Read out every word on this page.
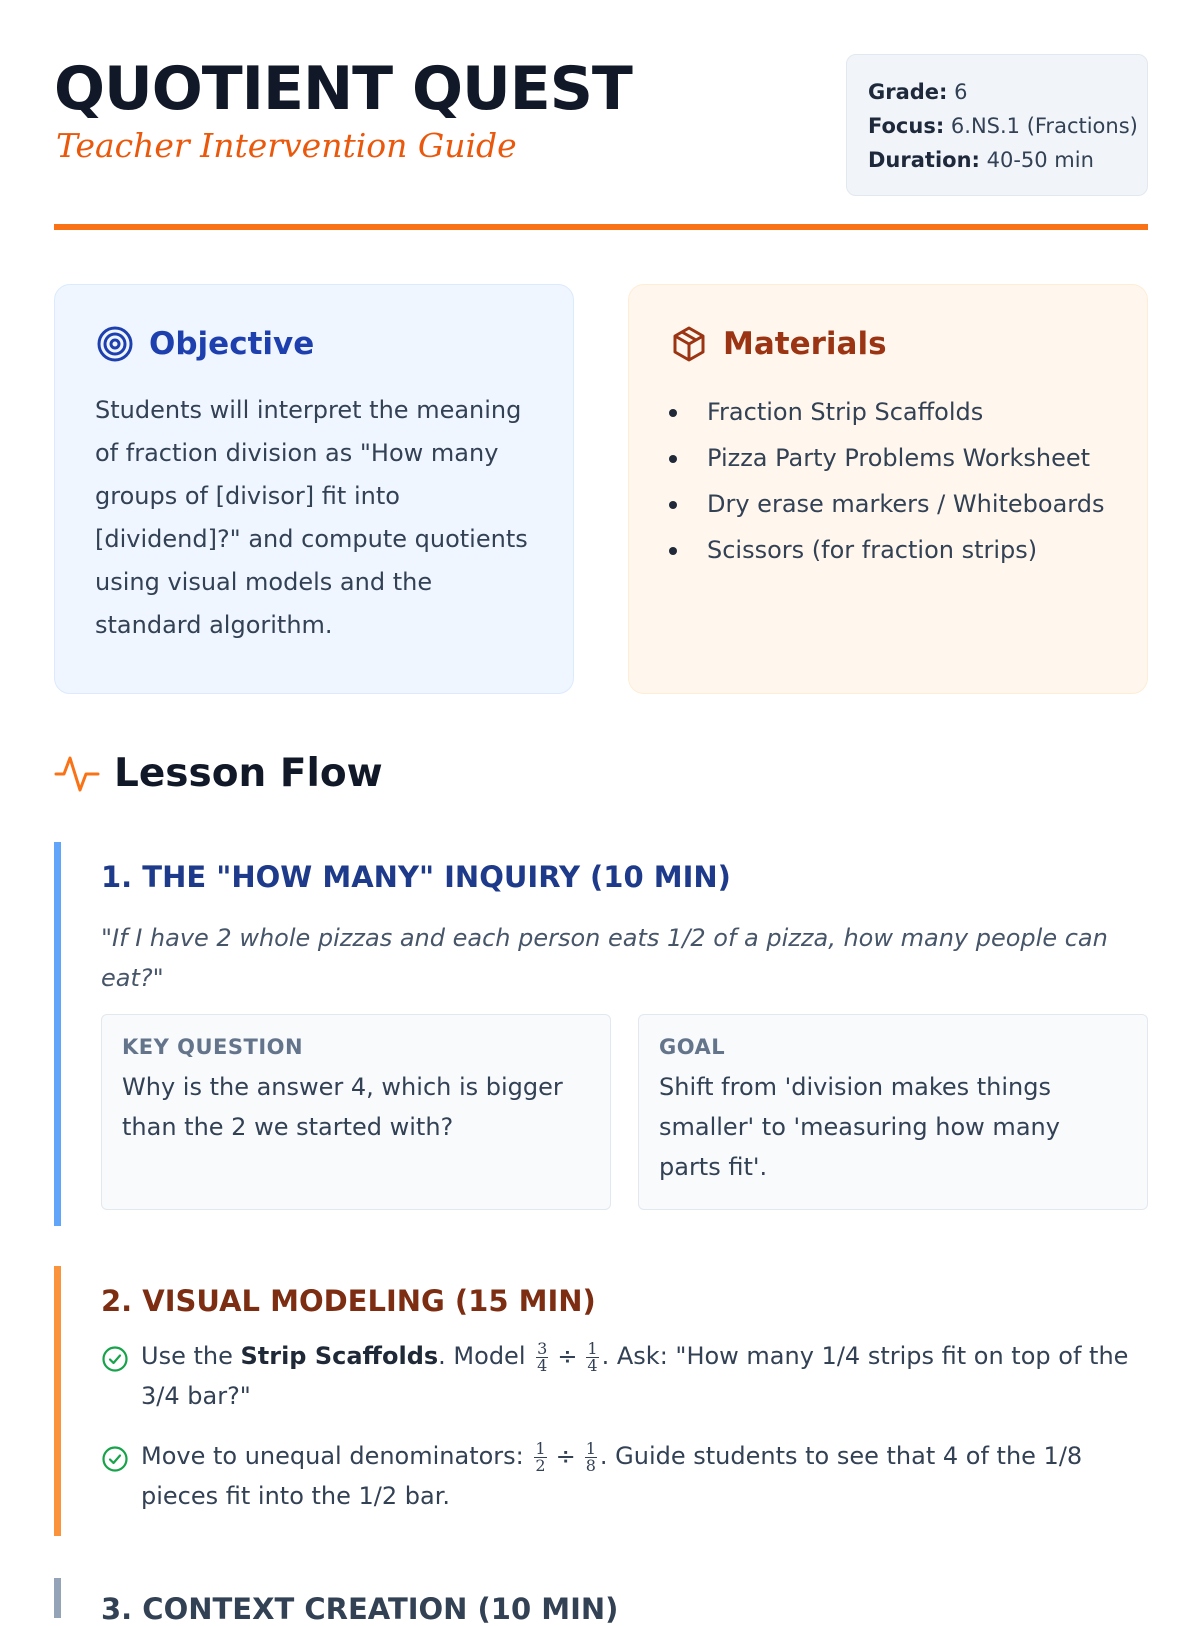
QUOTIENT QUEST
Teacher Intervention Guide
Grade: 6
Focus: 6.NS.1 (Fractions)
Duration: 40-50 min
Objective

Students will interpret the meaning of fraction division as "How many groups of [divisor] fit into [dividend]?" and compute quotients using visual models and the standard algorithm.

Materials
Fraction Strip Scaffolds
Pizza Party Problems Worksheet
Dry erase markers / Whiteboards
Scissors (for fraction strips)
Lesson Flow
1. THE "HOW MANY" INQUIRY (10 MIN)
"If I have 2 whole pizzas and each person eats 1/2 of a pizza, how many people can eat?"
KEY QUESTION
Why is the answer 4, which is bigger than the 2 we started with?
GOAL
Shift from 'division makes things smaller' to 'measuring how many parts fit'.
2. VISUAL MODELING (15 MIN)
Use the Strip Scaffolds. Model $\frac{3}{4} \div \frac{1}{4}$ . Ask: "How many 1/4 strips fit on top of the 3/4 bar?"
Move to unequal denominators: $\frac{1}{2} \div \frac{1}{8}$ . Guide students to see that 4 of the 1/8 pieces fit into the 1/2 bar.
3. CONTEXT CREATION (10 MIN)
